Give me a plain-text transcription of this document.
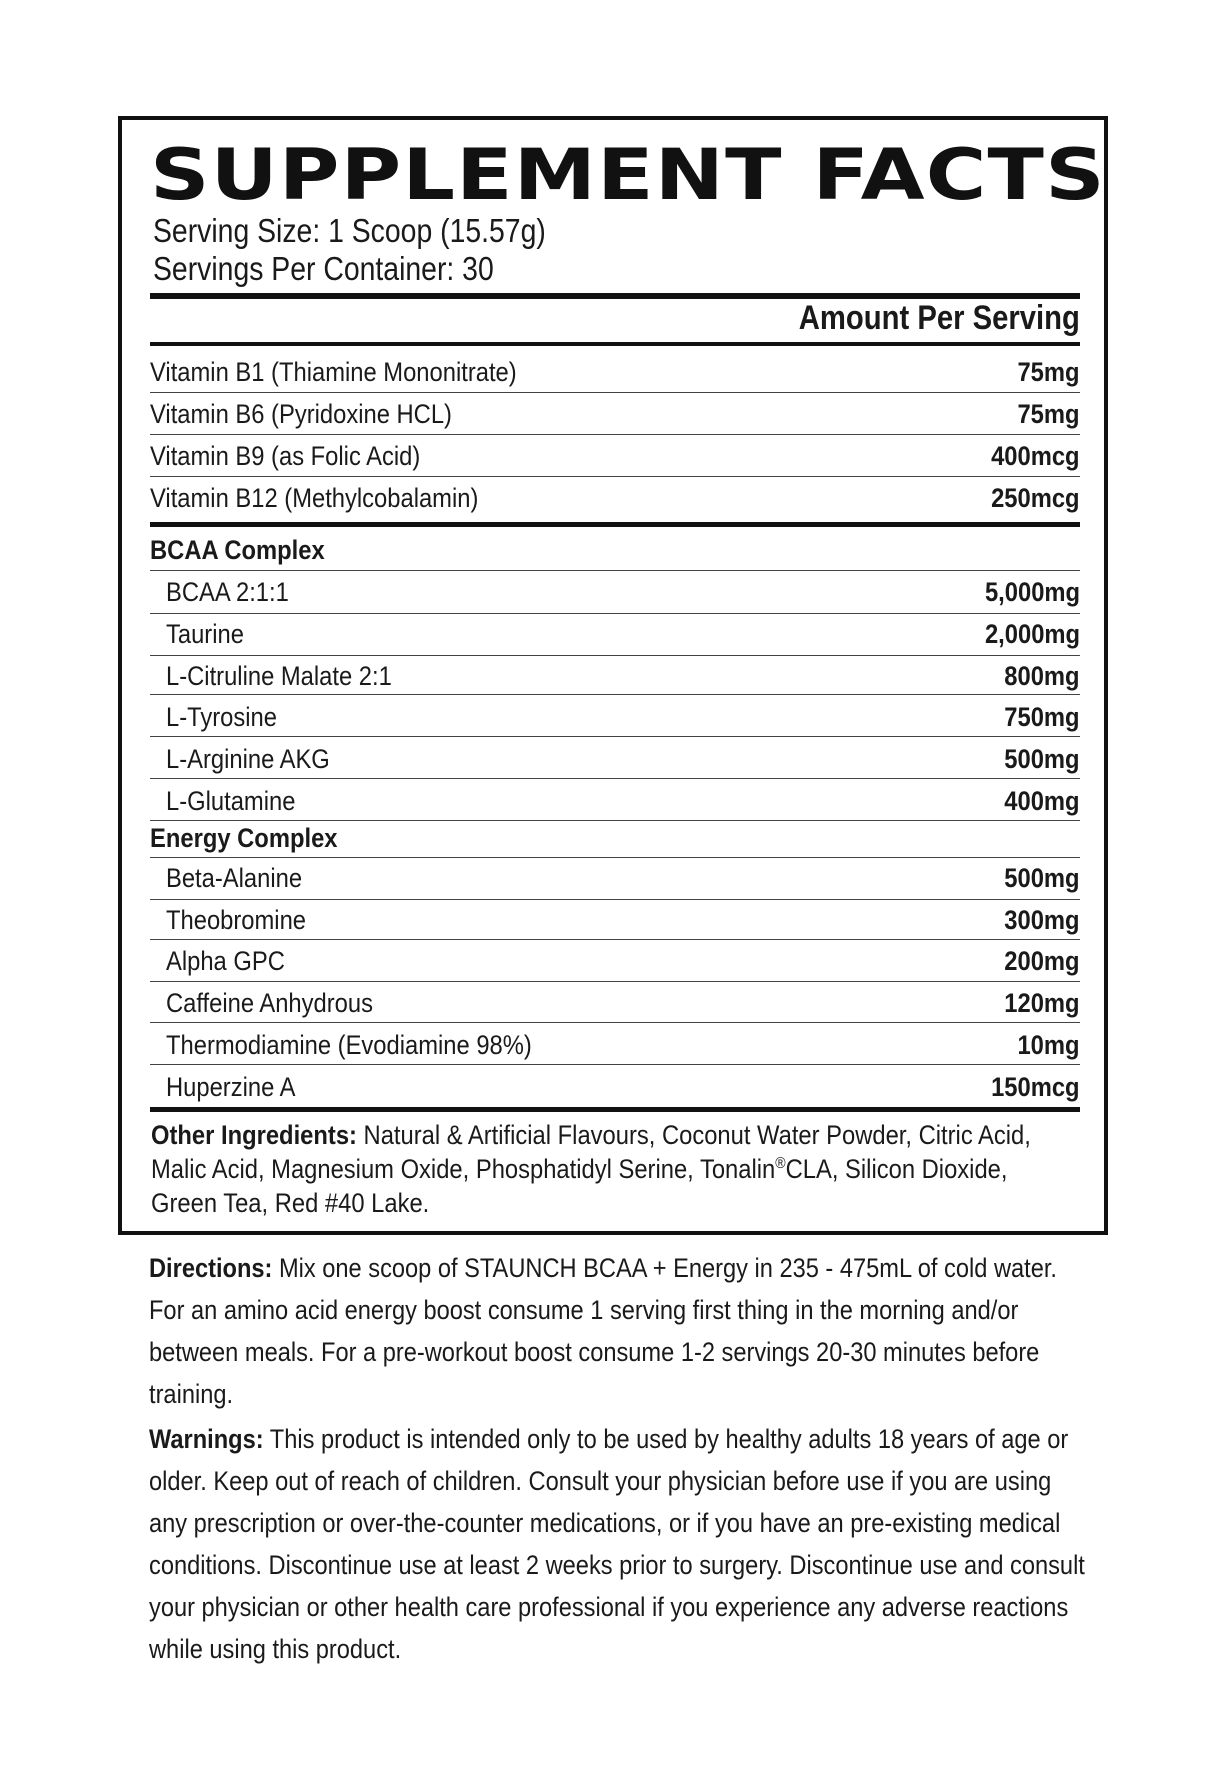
SUPPLEMENT FACTS
Serving Size: 1 Scoop (15.57g)
Servings Per Container: 30
Amount Per Serving
Vitamin B1 (Thiamine Mononitrate)	75mg
Vitamin B6 (Pyridoxine HCL)	75mg
Vitamin B9 (as Folic Acid)	400mcg
Vitamin B12 (Methylcobalamin)	250mcg
BCAA Complex
BCAA 2:1:1	5,000mg
Taurine	2,000mg
L-Citruline Malate 2:1	800mg
L-Tyrosine	750mg
L-Arginine AKG	500mg
L-Glutamine	400mg
Energy Complex
Beta-Alanine	500mg
Theobromine	300mg
Alpha GPC	200mg
Caffeine Anhydrous	120mg
Thermodiamine (Evodiamine 98%)	10mg
Huperzine A	150mcg
Other Ingredients: Natural & Artificial Flavours, Coconut Water Powder, Citric Acid, Malic Acid, Magnesium Oxide, Phosphatidyl Serine, Tonalin®CLA, Silicon Dioxide, Green Tea, Red #40 Lake.
Directions: Mix one scoop of STAUNCH BCAA + Energy in 235 - 475mL of cold water. For an amino acid energy boost consume 1 serving first thing in the morning and/or between meals. For a pre-workout boost consume 1-2 servings 20-30 minutes before training.
Warnings: This product is intended only to be used by healthy adults 18 years of age or older. Keep out of reach of children. Consult your physician before use if you are using any prescription or over-the-counter medications, or if you have an pre-existing medical conditions. Discontinue use at least 2 weeks prior to surgery. Discontinue use and consult your physician or other health care professional if you experience any adverse reactions while using this product.
